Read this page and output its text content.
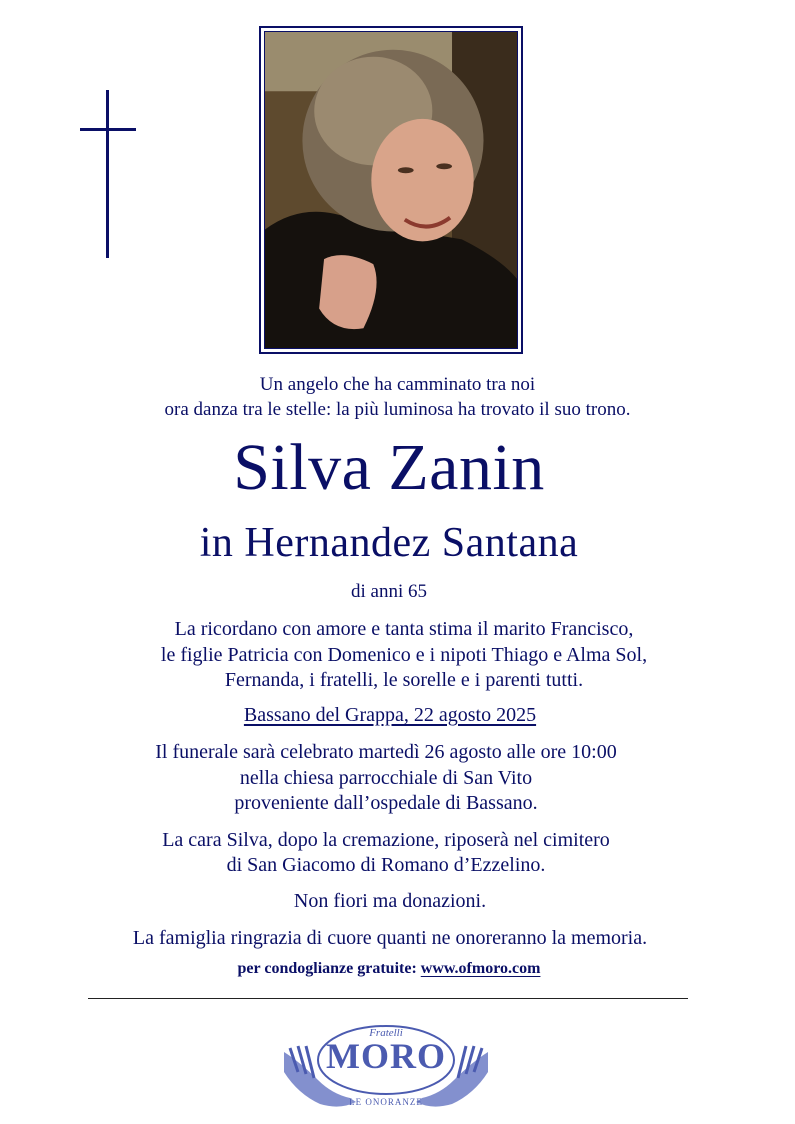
Un angelo che ha camminato tra noi
ora danza tra le stelle: la più luminosa ha trovato il suo trono.
Silva Zanin
in Hernandez Santana
di anni 65
La ricordano con amore e tanta stima il marito Francisco,
le figlie Patricia con Domenico e i nipoti Thiago e Alma Sol,
Fernanda, i fratelli, le sorelle e i parenti tutti.
Bassano del Grappa, 22 agosto 2025
Il funerale sarà celebrato martedì 26 agosto alle ore 10:00
nella chiesa parrocchiale di San Vito
proveniente dall’ospedale di Bassano.
La cara Silva, dopo la cremazione, riposerà nel cimitero
di San Giacomo di Romano d’Ezzelino.
Non fiori ma donazioni.
La famiglia ringrazia di cuore quanti ne onoreranno la memoria.
per condoglianze gratuite: www.ofmoro.com
Fratelli
MORO
LE ONORANZE
